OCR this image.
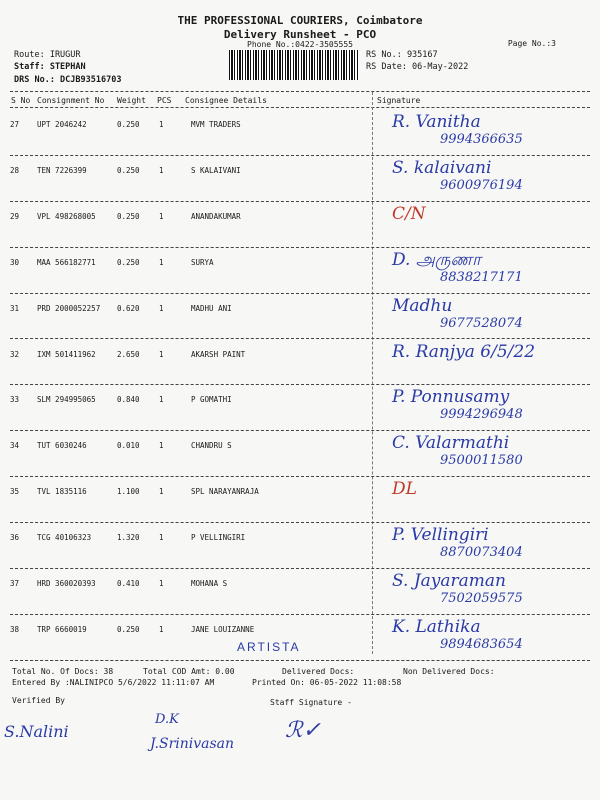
THE PROFESSIONAL COURIERS, Coimbatore
Delivery Runsheet - PCO
Phone No.:0422-3505555	Page No.:3
Route: IRUGUR
Staff: STEPHAN
DRS No.: DCJB93516703
RS No.: 935167
RS Date: 06-May-2022
S No Consignment No Weight PCS Consignee Details	Signature
27 UPT 2046242	0.250	1	MVM TRADERS	R. Vanitha
9994366635
28 TEN 7226399	0.250	1	S KALAIVANI	S. kalaivani
9600976194
29 VPL 498268005	0.250	1	ANANDAKUMAR	C/N
30 MAA 566182771	0.250	1	SURYA	D. அருணா
8838217171
31 PRD 2000052257 0.620	1	MADHU ANI	Madhu
9677528074
32 IXM 501411962	2.650	1	AKARSH PAINT	R. Ranjya 6/5/22
33 SLM 294995065	0.840	1	P GOMATHI	P. Ponnusamy
9994296948
34 TUT 6030246	0.010	1	CHANDRU S	C. Valarmathi
9500011580
35 TVL 1835116	1.100	1	SPL NARAYANRAJA	DL
36 TCG 40106323	1.320	1	P VELLINGIRI	P. Vellingiri
8870073404
37 HRD 360020393	0.410	1	MOHANA S	S. Jayaraman
7502059575
38 TRP 6660019	0.250	1	JANE LOUIZANNE	K. Lathika
9894683654
ARTISTA
Total No. Of Docs: 38	Total COD Amt: 0.00	Delivered Docs:	Non Delivered Docs:
Entered By :NALINIPCO 5/6/2022 11:11:07 AM	Printed On: 06-05-2022 11:08:58
Verified By	Staff Signature -
S.Nalini
D.K
J.Srinivasan
ℛ✓
